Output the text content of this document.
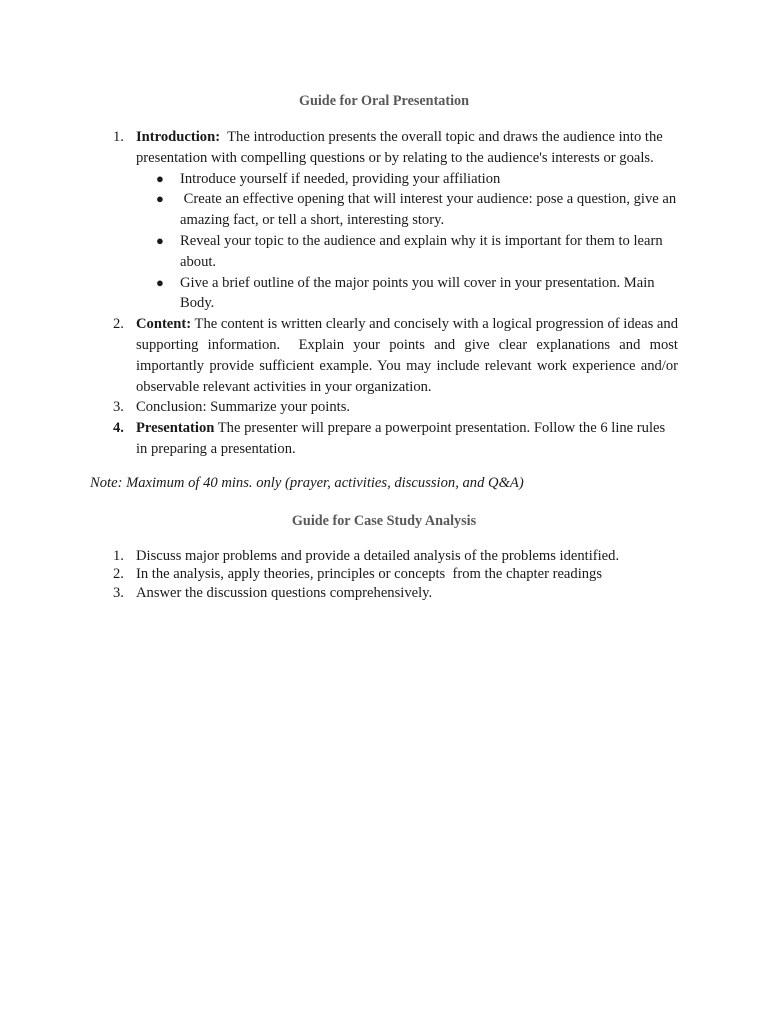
Guide for Oral Presentation
1. Introduction:  The introduction presents the overall topic and draws the audience into the presentation with compelling questions or by relating to the audience's interests or goals.
● Introduce yourself if needed, providing your affiliation
● Create an effective opening that will interest your audience: pose a question, give an amazing fact, or tell a short, interesting story.
● Reveal your topic to the audience and explain why it is important for them to learn about.
● Give a brief outline of the major points you will cover in your presentation. Main Body.
2. Content: The content is written clearly and concisely with a logical progression of ideas and supporting information.  Explain your points and give clear explanations and most importantly provide sufficient example. You may include relevant work experience and/or observable relevant activities in your organization.
3. Conclusion: Summarize your points.
4. Presentation The presenter will prepare a powerpoint presentation. Follow the 6 line rules in preparing a presentation.
Note: Maximum of 40 mins. only (prayer, activities, discussion, and Q&A)
Guide for Case Study Analysis
1. Discuss major problems and provide a detailed analysis of the problems identified.
2. In the analysis, apply theories, principles or concepts  from the chapter readings
3. Answer the discussion questions comprehensively.
